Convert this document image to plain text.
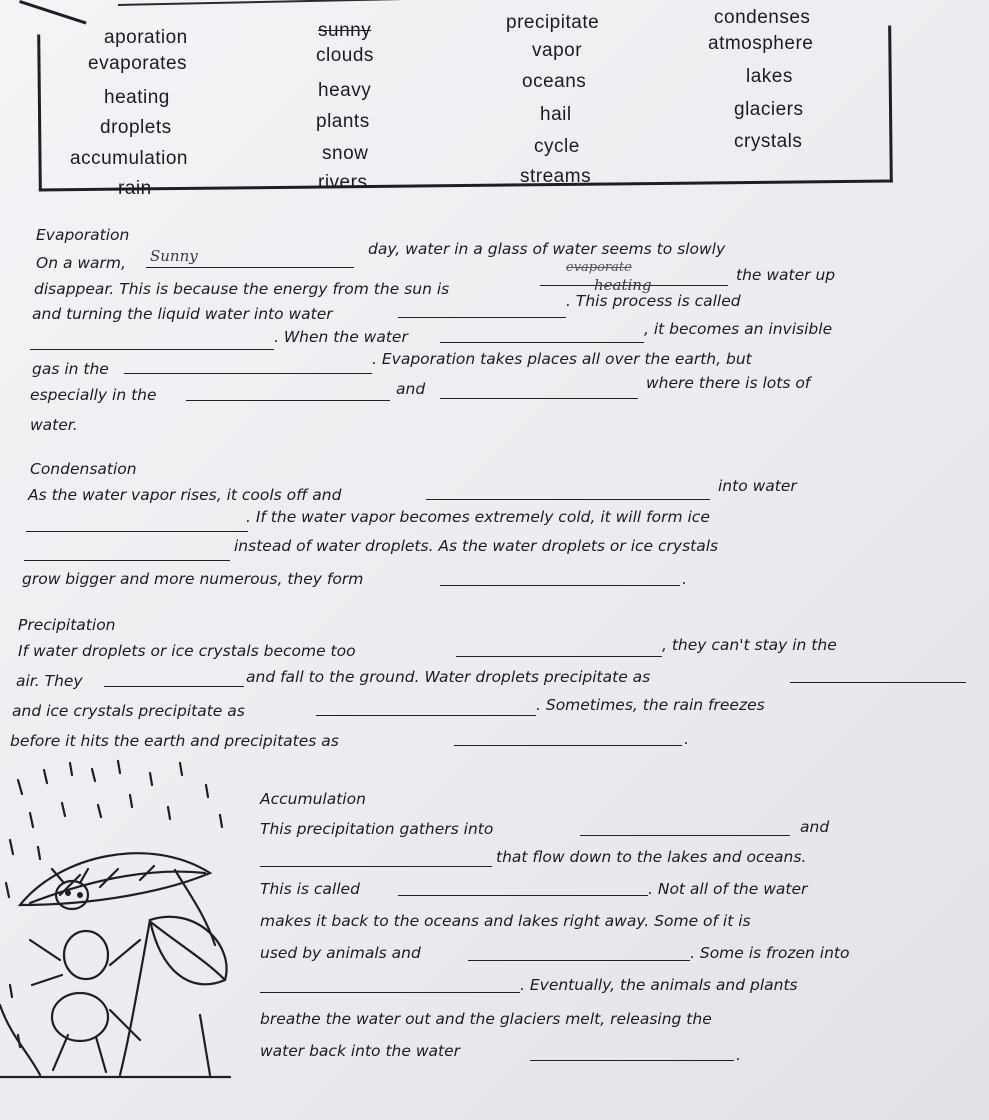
aporation	sunny	precipitate	condenses
evaporates	clouds	vapor	atmosphere
heating	heavy	oceans	lakes
droplets	plants	hail	glaciers
accumulation	snow	cycle	crystals
rain	rivers	streams
Evaporation
On a warm, Sunny	day, water in a glass of water seems to slowly
disappear. This is because the energy from the sun is
evaporate
heating
the water up
and turning the liquid water into water
. This process is called
. When the water	, it becomes an invisible
gas in the
. Evaporation takes places all over the earth, but
especially in the	and	where there is lots of
water.
Condensation
As the water vapor rises, it cools off and	into water
. If the water vapor becomes extremely cold, it will form ice
instead of water droplets. As the water droplets or ice crystals
grow bigger and more numerous, they form	.
Precipitation
If water droplets or ice crystals become too	, they can't stay in the
air. They	and fall to the ground. Water droplets precipitate as
and ice crystals precipitate as	. Sometimes, the rain freezes
before it hits the earth and precipitates as	.
Accumulation
This precipitation gathers into	and
that flow down to the lakes and oceans.
This is called	. Not all of the water
makes it back to the oceans and lakes right away. Some of it is
used by animals and	. Some is frozen into
. Eventually, the animals and plants
breathe the water out and the glaciers melt, releasing the
water back into the water	.
